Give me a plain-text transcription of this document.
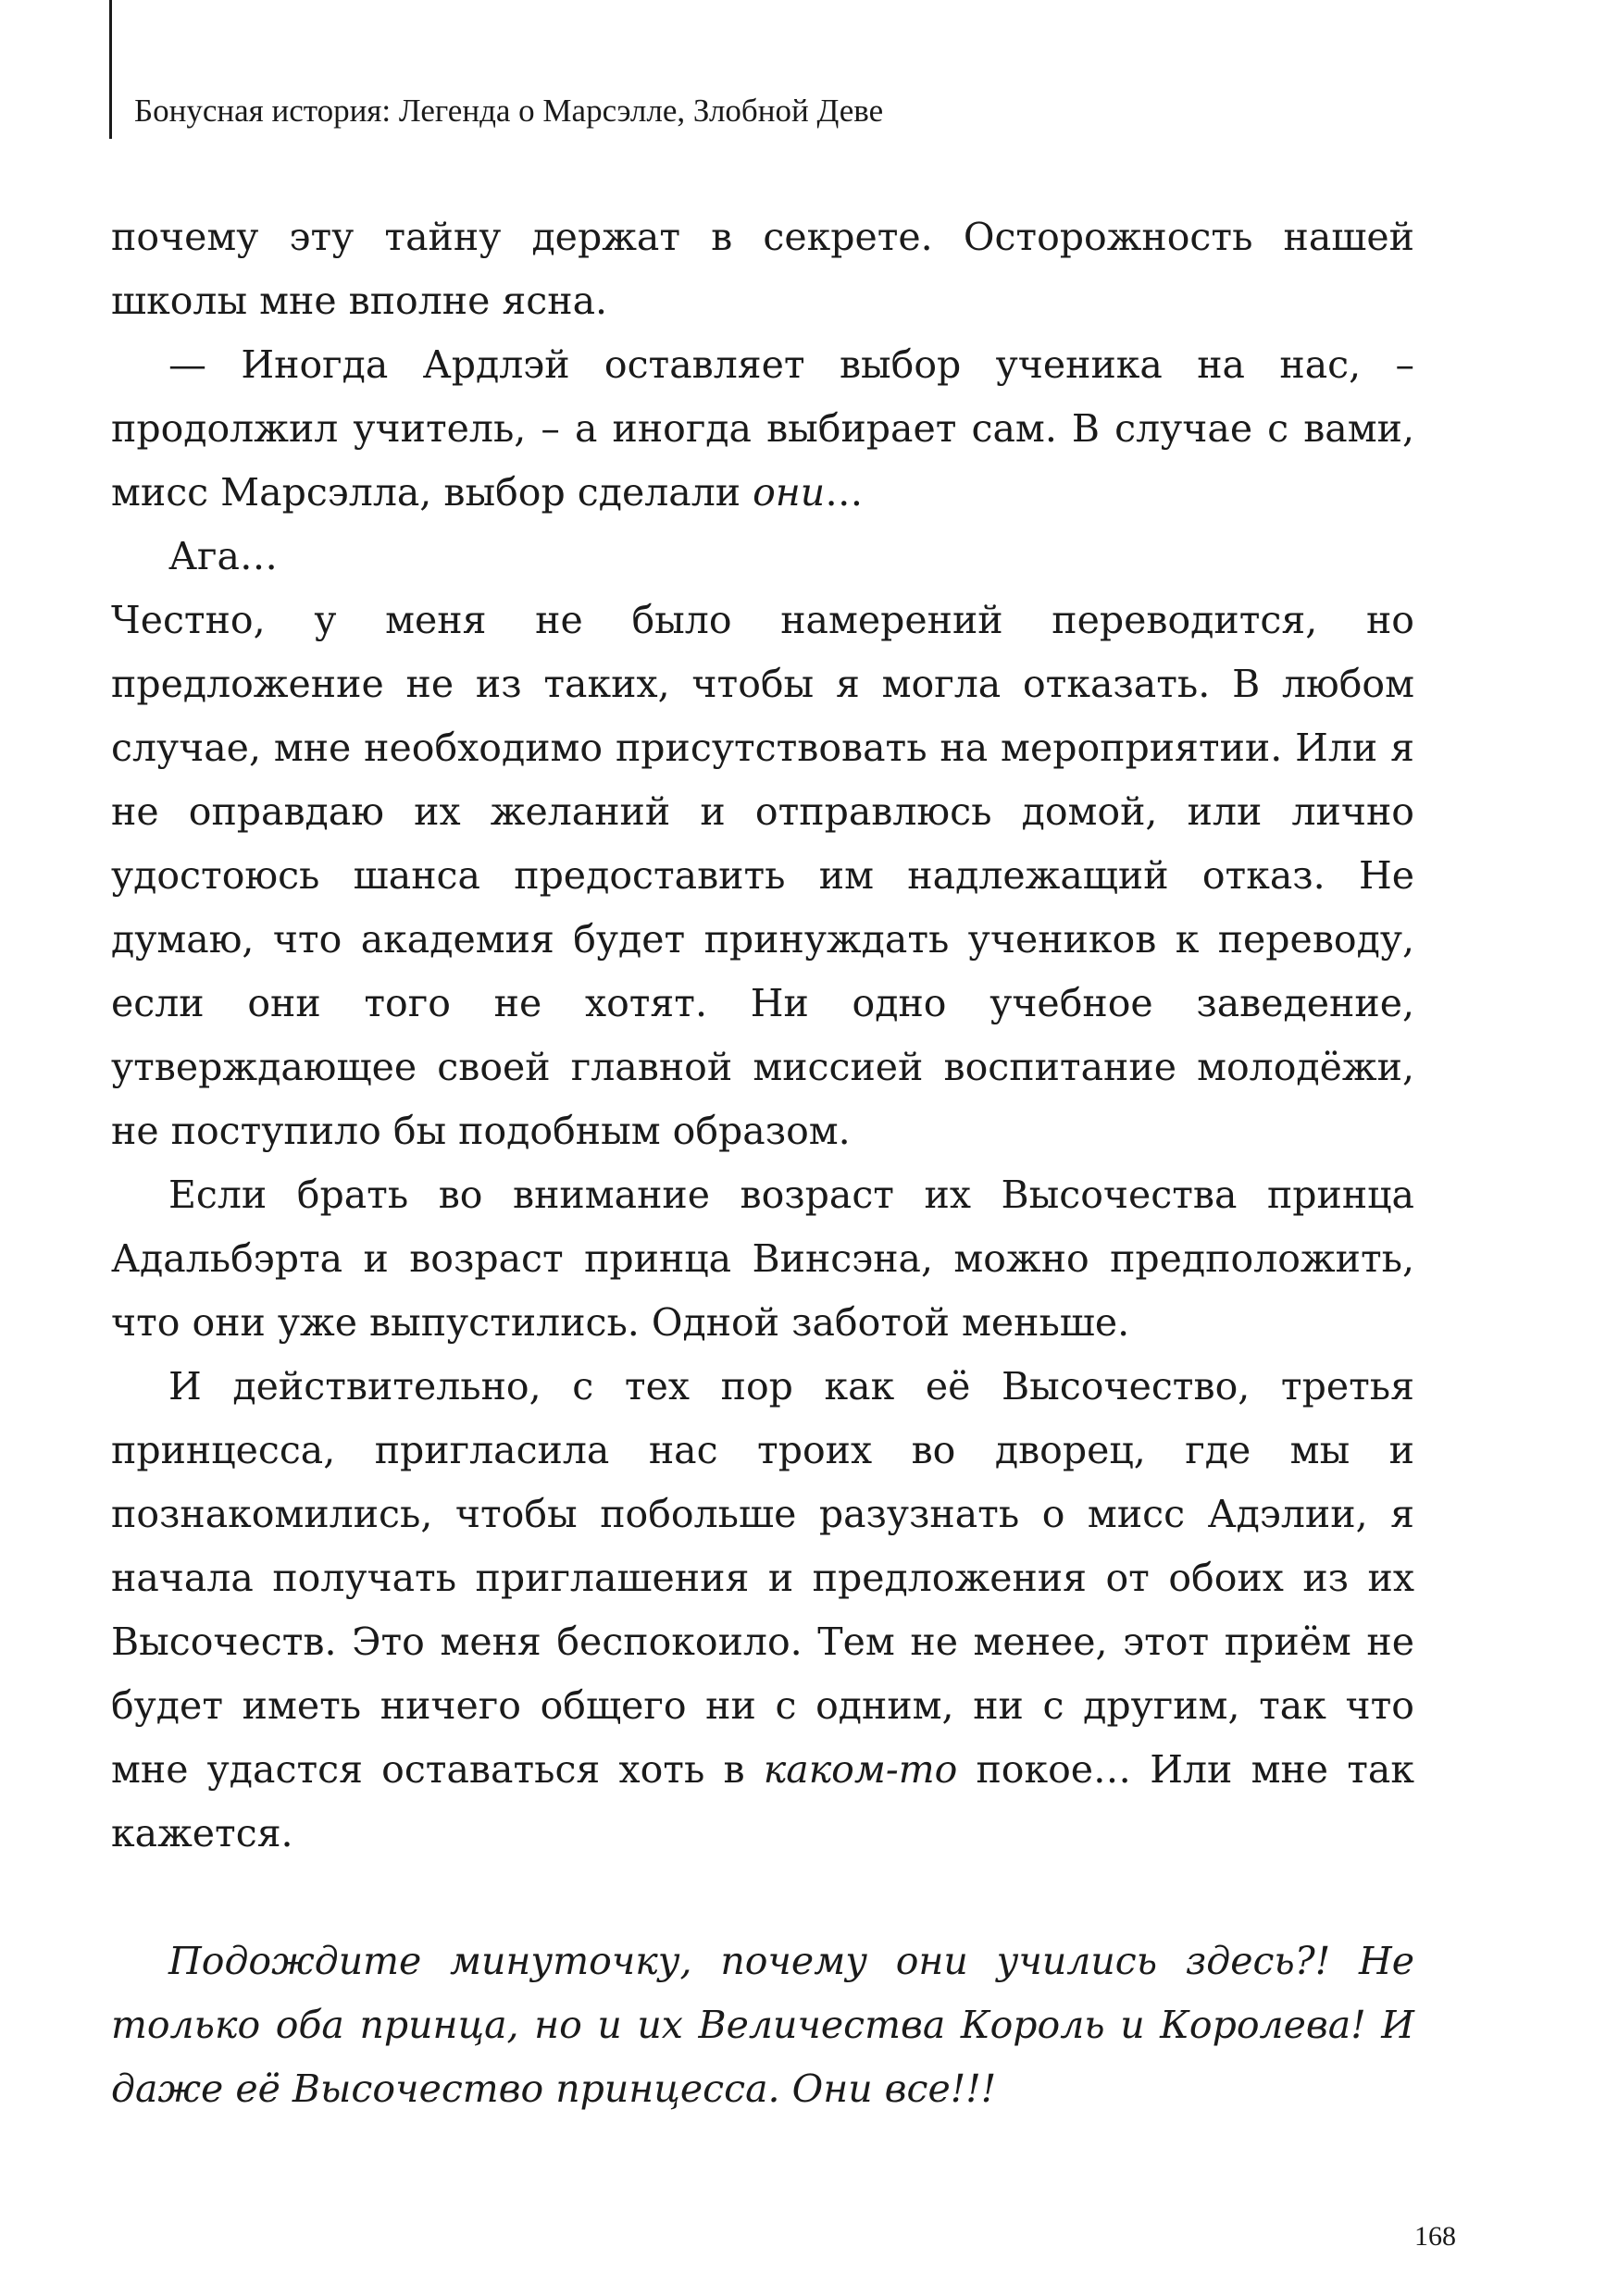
Бонусная история: Легенда о Марсэлле, Злобной Деве

почему эту тайну держат в секрете. Осторожность нашей школы мне вполне ясна.

— Иногда Ардлэй оставляет выбор ученика на нас, – продолжил учитель, – а иногда выбирает сам. В случае с вами, мисс Марсэлла, выбор сделали они…

Ага…

Честно, у меня не было намерений переводится, но предложение не из таких, чтобы я могла отказать. В любом случае, мне необходимо присутствовать на мероприятии. Или я не оправдаю их желаний и отправлюсь домой, или лично удостоюсь шанса предоставить им надлежащий отказ. Не думаю, что академия будет принуждать учеников к переводу, если они того не хотят. Ни одно учебное заведение, утверждающее своей главной миссией воспитание молодёжи, не поступило бы подобным образом.

Если брать во внимание возраст их Высочества принца Адальбэрта и возраст принца Винсэна, можно предположить, что они уже выпустились. Одной заботой меньше.

И действительно, с тех пор как её Высочество, третья принцесса, пригласила нас троих во дворец, где мы и познакомились, чтобы побольше разузнать о мисс Адэлии, я начала получать приглашения и предложения от обоих из их Высочеств. Это меня беспокоило. Тем не менее, этот приём не будет иметь ничего общего ни с одним, ни с другим, так что мне удастся оставаться хоть в каком-то покое… Или мне так кажется.

Подождите минуточку, почему они учились здесь?! Не только оба принца, но и их Величества Король и Королева! И даже её Высочество принцесса. Они все!!!

168
